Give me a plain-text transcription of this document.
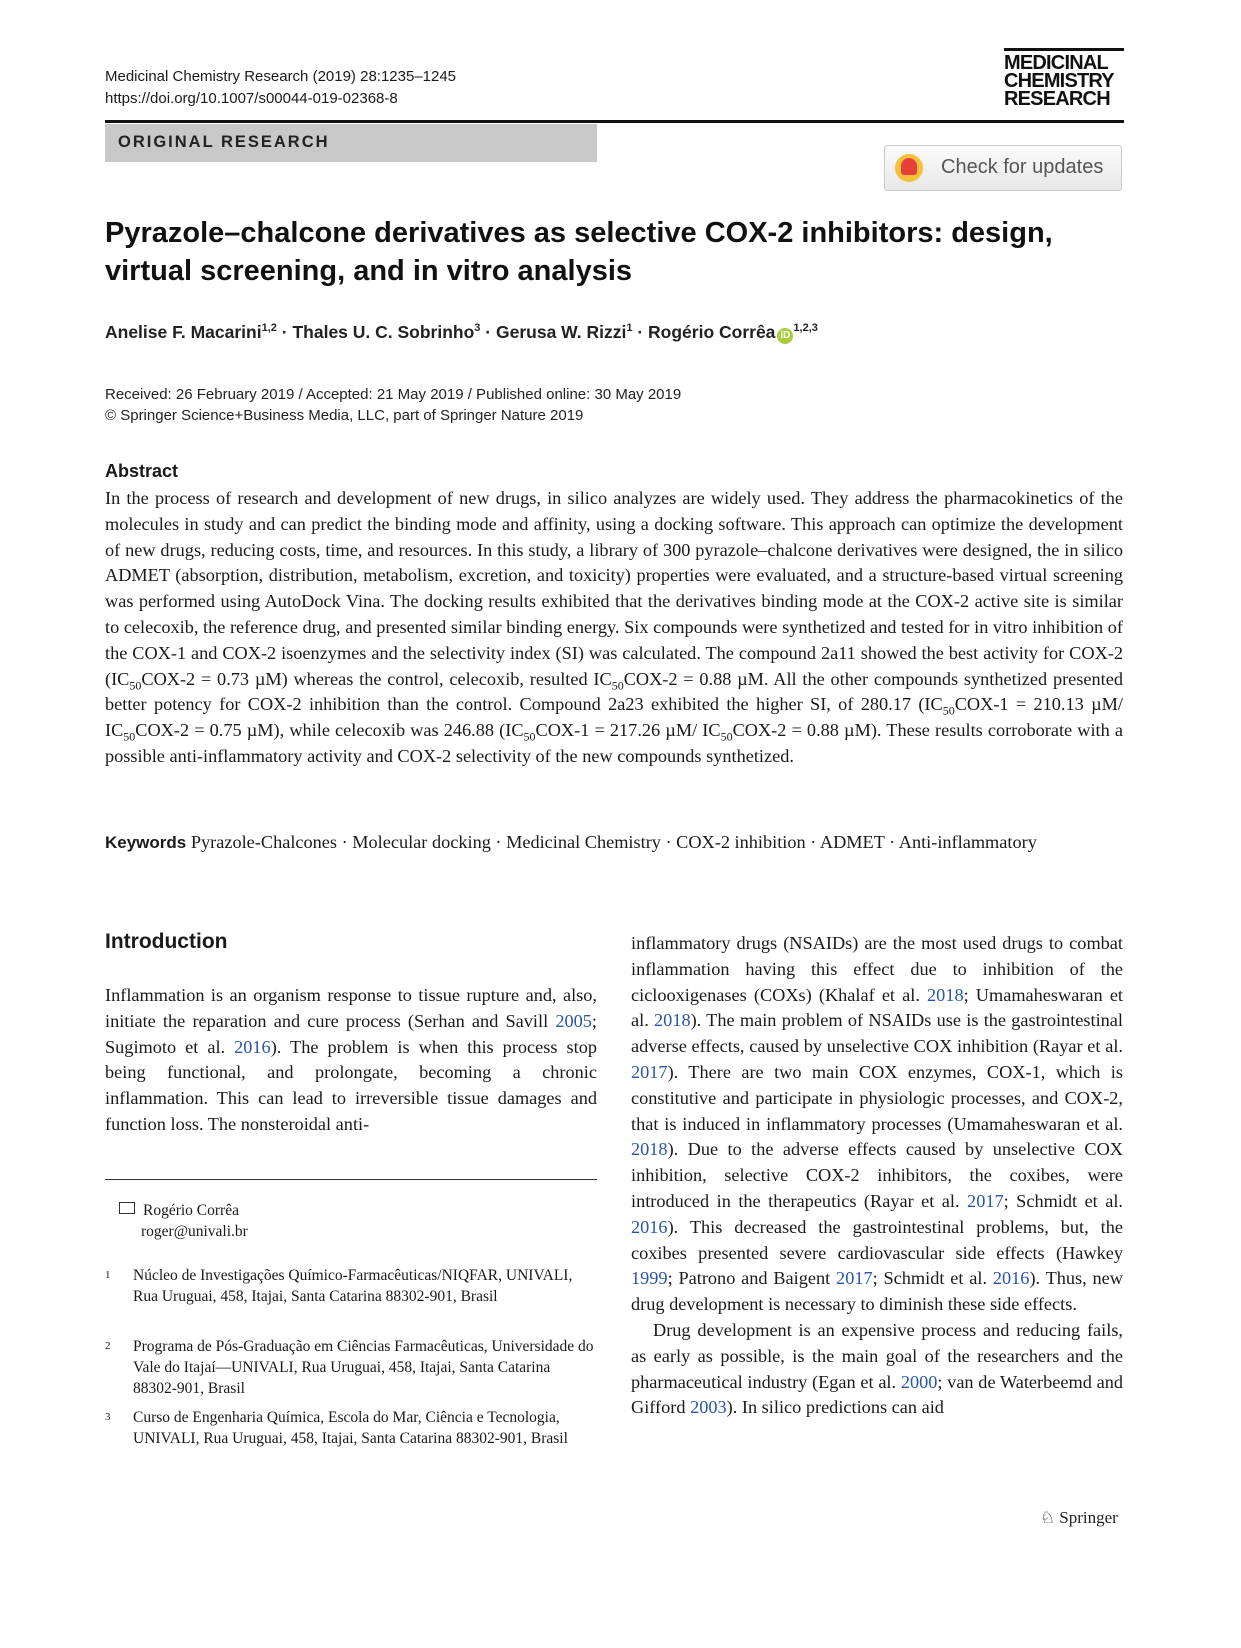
Medicinal Chemistry Research (2019) 28:1235–1245
https://doi.org/10.1007/s00044-019-02368-8
MEDICINAL
CHEMISTRY
RESEARCH
ORIGINAL RESEARCH
Check for updates
Pyrazole–chalcone derivatives as selective COX-2 inhibitors: design,
virtual screening, and in vitro analysis
Anelise F. Macarini$^{1,2}$ · Thales U. C. Sobrinho$^3$ · Gerusa W. Rizzi$^1$ · Rogério Corrêa iD$^{1,2,3}$
Received: 26 February 2019 / Accepted: 21 May 2019 / Published online: 30 May 2019
© Springer Science+Business Media, LLC, part of Springer Nature 2019
Abstract
In the process of research and development of new drugs, in silico analyzes are widely used. They address the pharmacokinetics of the molecules in study and can predict the binding mode and affinity, using a docking software. This approach can optimize the development of new drugs, reducing costs, time, and resources. In this study, a library of 300 pyrazole–chalcone derivatives were designed, the in silico ADMET (absorption, distribution, metabolism, excretion, and toxicity) properties were evaluated, and a structure-based virtual screening was performed using AutoDock Vina. The docking results exhibited that the derivatives binding mode at the COX-2 active site is similar to celecoxib, the reference drug, and presented similar binding energy. Six compounds were synthetized and tested for in vitro inhibition of the COX-1 and COX-2 isoenzymes and the selectivity index (SI) was calculated. The compound 2a11 showed the best activity for COX-2 ($IC_{50}COX-2 = 0.73$ µM) whereas the control, celecoxib, resulted $IC_{50}COX-2 = 0.88$ µM. All the other compounds synthetized presented better potency for COX-2 inhibition than the control. Compound 2a23 exhibited the higher SI, of 280.17 ($IC_{50}COX-1 = 210.13$ µM/ $IC_{50}COX-2 = 0.75$ µM), while celecoxib was 246.88 ($IC_{50}COX-1 = 217.26$ µM/ $IC_{50}COX-2 = 0.88$ µM). These results corroborate with a possible anti-inflammatory activity and COX-2 selectivity of the new compounds synthetized.
Keywords Pyrazole-Chalcones · Molecular docking · Medicinal Chemistry · COX-2 inhibition · ADMET · Anti-inflammatory
Introduction
Inflammation is an organism response to tissue rupture and, also, initiate the reparation and cure process (Serhan and Savill 2005; Sugimoto et al. 2016). The problem is when this process stop being functional, and prolongate, becoming a chronic inflammation. This can lead to irreversible tissue damages and function loss. The nonsteroidal anti-

inflammatory drugs (NSAIDs) are the most used drugs to combat inflammation having this effect due to inhibition of the ciclooxigenases (COXs) (Khalaf et al. 2018; Umamaheswaran et al. 2018). The main problem of NSAIDs use is the gastrointestinal adverse effects, caused by unselective COX inhibition (Rayar et al. 2017). There are two main COX enzymes, COX-1, which is constitutive and participate in physiologic processes, and COX-2, that is induced in inflammatory processes (Umamaheswaran et al. 2018). Due to the adverse effects caused by unselective COX inhibition, selective COX-2 inhibitors, the coxibes, were introduced in the therapeutics (Rayar et al. 2017; Schmidt et al. 2016). This decreased the gastrointestinal problems, but, the coxibes presented severe cardiovascular side effects (Hawkey 1999; Patrono and Baigent 2017; Schmidt et al. 2016). Thus, new drug development is necessary to diminish these side effects.

Drug development is an expensive process and reducing fails, as early as possible, is the main goal of the researchers and the pharmaceutical industry (Egan et al. 2000; van de Waterbeemd and Gifford 2003). In silico predictions can aid

Rogério Corrêa
roger@univali.br
1 Núcleo de Investigações Químico-Farmacêuticas/NIQFAR, UNIVALI, Rua Uruguai, 458, Itajai, Santa Catarina 88302-901, Brasil
2 Programa de Pós-Graduação em Ciências Farmacêuticas, Universidade do Vale do Itajaí—UNIVALI, Rua Uruguai, 458, Itajai, Santa Catarina 88302-901, Brasil
3 Curso de Engenharia Química, Escola do Mar, Ciência e Tecnologia, UNIVALI, Rua Uruguai, 458, Itajai, Santa Catarina 88302-901, Brasil
♘ Springer
